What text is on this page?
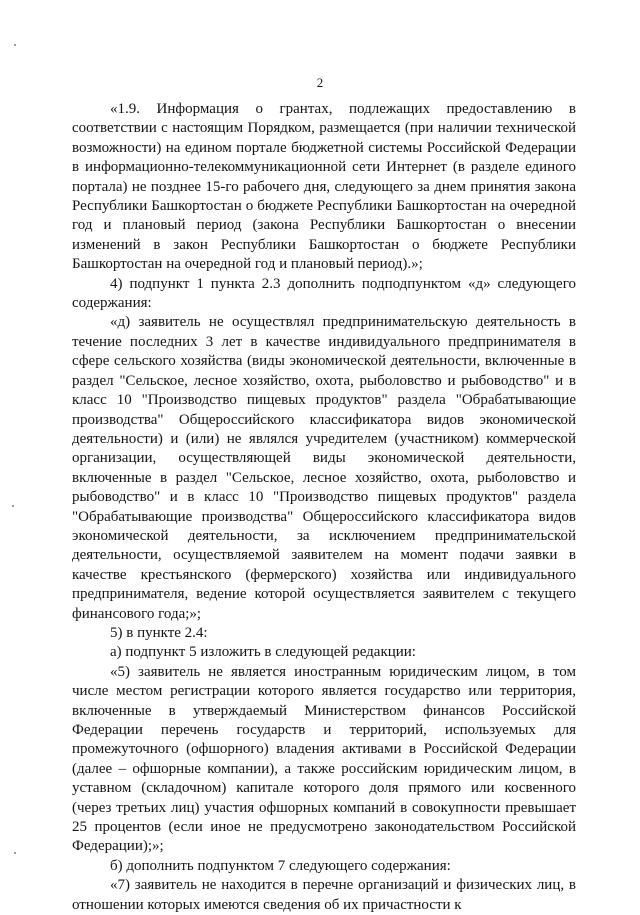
2

«1.9. Информация о грантах, подлежащих предоставлению в соответствии с настоящим Порядком, размещается (при наличии технической возможности) на едином портале бюджетной системы Российской Федерации в информационно-телекоммуникационной сети Интернет (в разделе единого портала) не позднее 15-го рабочего дня, следующего за днем принятия закона Республики Башкортостан о бюджете Республики Башкортостан на очередной год и плановый период (закона Республики Башкортостан о внесении изменений в закон Республики Башкортостан о бюджете Республики Башкортостан на очередной год и плановый период).»;

4) подпункт 1 пункта 2.3 дополнить подподпунктом «д» следующего содержания:

«д) заявитель не осуществлял предпринимательскую деятельность в течение последних 3 лет в качестве индивидуального предпринимателя в сфере сельского хозяйства (виды экономической деятельности, включенные в раздел "Сельское, лесное хозяйство, охота, рыболовство и рыбоводство" и в класс 10 "Производство пищевых продуктов" раздела "Обрабатывающие производства" Общероссийского классификатора видов экономической деятельности) и (или) не являлся учредителем (участником) коммерческой организации, осуществляющей виды экономической деятельности, включенные в раздел "Сельское, лесное хозяйство, охота, рыболовство и рыбоводство" и в класс 10 "Производство пищевых продуктов" раздела "Обрабатывающие производства" Общероссийского классификатора видов экономической деятельности, за исключением предпринимательской деятельности, осуществляемой заявителем на момент подачи заявки в качестве крестьянского (фермерского) хозяйства или индивидуального предпринимателя, ведение которой осуществляется заявителем с текущего финансового года;»;

5) в пункте 2.4:

а) подпункт 5 изложить в следующей редакции:

«5) заявитель не является иностранным юридическим лицом, в том числе местом регистрации которого является государство или территория, включенные в утверждаемый Министерством финансов Российской Федерации перечень государств и территорий, используемых для промежуточного (офшорного) владения активами в Российской Федерации (далее – офшорные компании), а также российским юридическим лицом, в уставном (складочном) капитале которого доля прямого или косвенного (через третьих лиц) участия офшорных компаний в совокупности превышает 25 процентов (если иное не предусмотрено законодательством Российской Федерации);»;

б) дополнить подпунктом 7 следующего содержания:

«7) заявитель не находится в перечне организаций и физических лиц, в отношении которых имеются сведения об их причастности к
